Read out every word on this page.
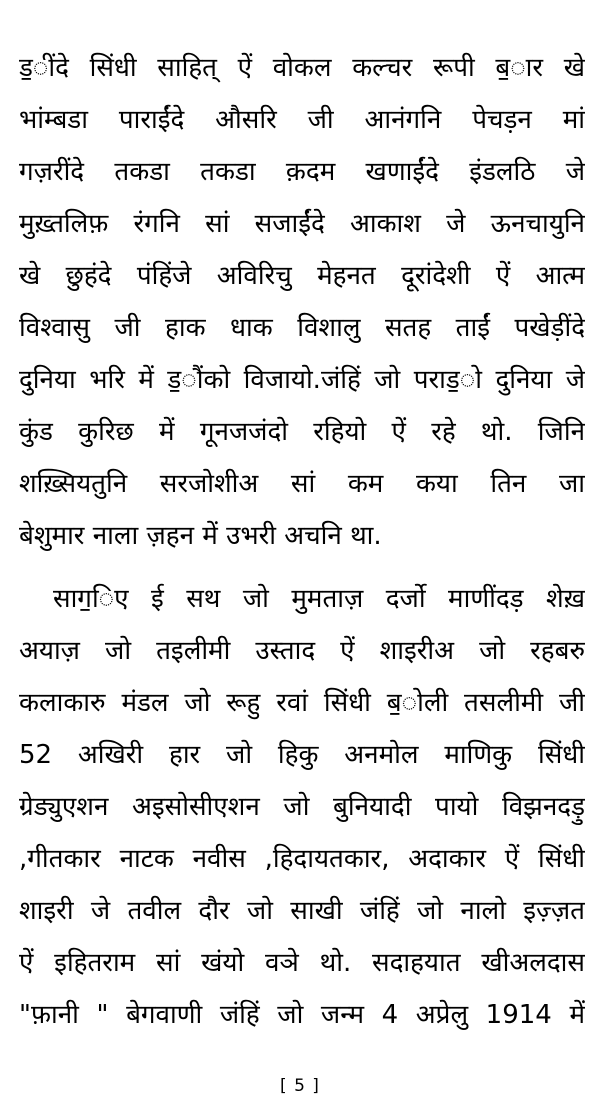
ड॒ींदे सिंधी साहित् ऐं वोकल कल्चर रूपी ब॒ार खे
भांम्बडा पाराईंदे औसरि जी आनंगनि पेचड़न मां
गज़रींदे तकडा तकडा क़दम खणाईंदे इंडलठि जे
मुख़्तलिफ़ रंगनि सां सजाईंदे आकाश जे ऊनचायुनि
खे छुहंदे पंहिंजे अविरिचु मेहनत दूरांदेशी ऐं आत्म
विश्वासु जी हाक धाक विशालु सतह ताईं पखेड़ींदे
दुनिया भरि में ड॒ौंको विजायो.जंहिं जो पराड॒ो दुनिया जे
कुंड कुरिछ में गूनजजंदो रहियो ऐं रहे थो. जिनि
शख़्सियतुनि सरजोशीअ सां कम कया तिन जा
बेशुमार नाला ज़हन में उभरी अचनि था.
साग॒िए ई सथ जो मुमताज़ दर्जो माणींदड़ शेख़
अयाज़ जो तइलीमी उस्ताद ऐं शाइरीअ जो रहबरु
कलाकारु मंडल जो रूहु रवां सिंधी ब॒ोली तसलीमी जी
52 अखिरी हार जो हिकु अनमोल माणिकु सिंधी
ग्रेड्युएशन अइसोसीएशन जो बुनियादी पायो विझनदड़ु
,गीतकार नाटक नवीस ,हिदायतकार, अदाकार ऐं सिंधी
शाइरी जे तवील दौर जो साखी जंहिं जो नालो इज़्ज़त
ऐं इहितराम सां खंयो वञे थो. सदाहयात खीअलदास
"फ़ानी " बेगवाणी जंहिं जो जन्म 4 अप्रेलु 1914 में
[ 5 ]
